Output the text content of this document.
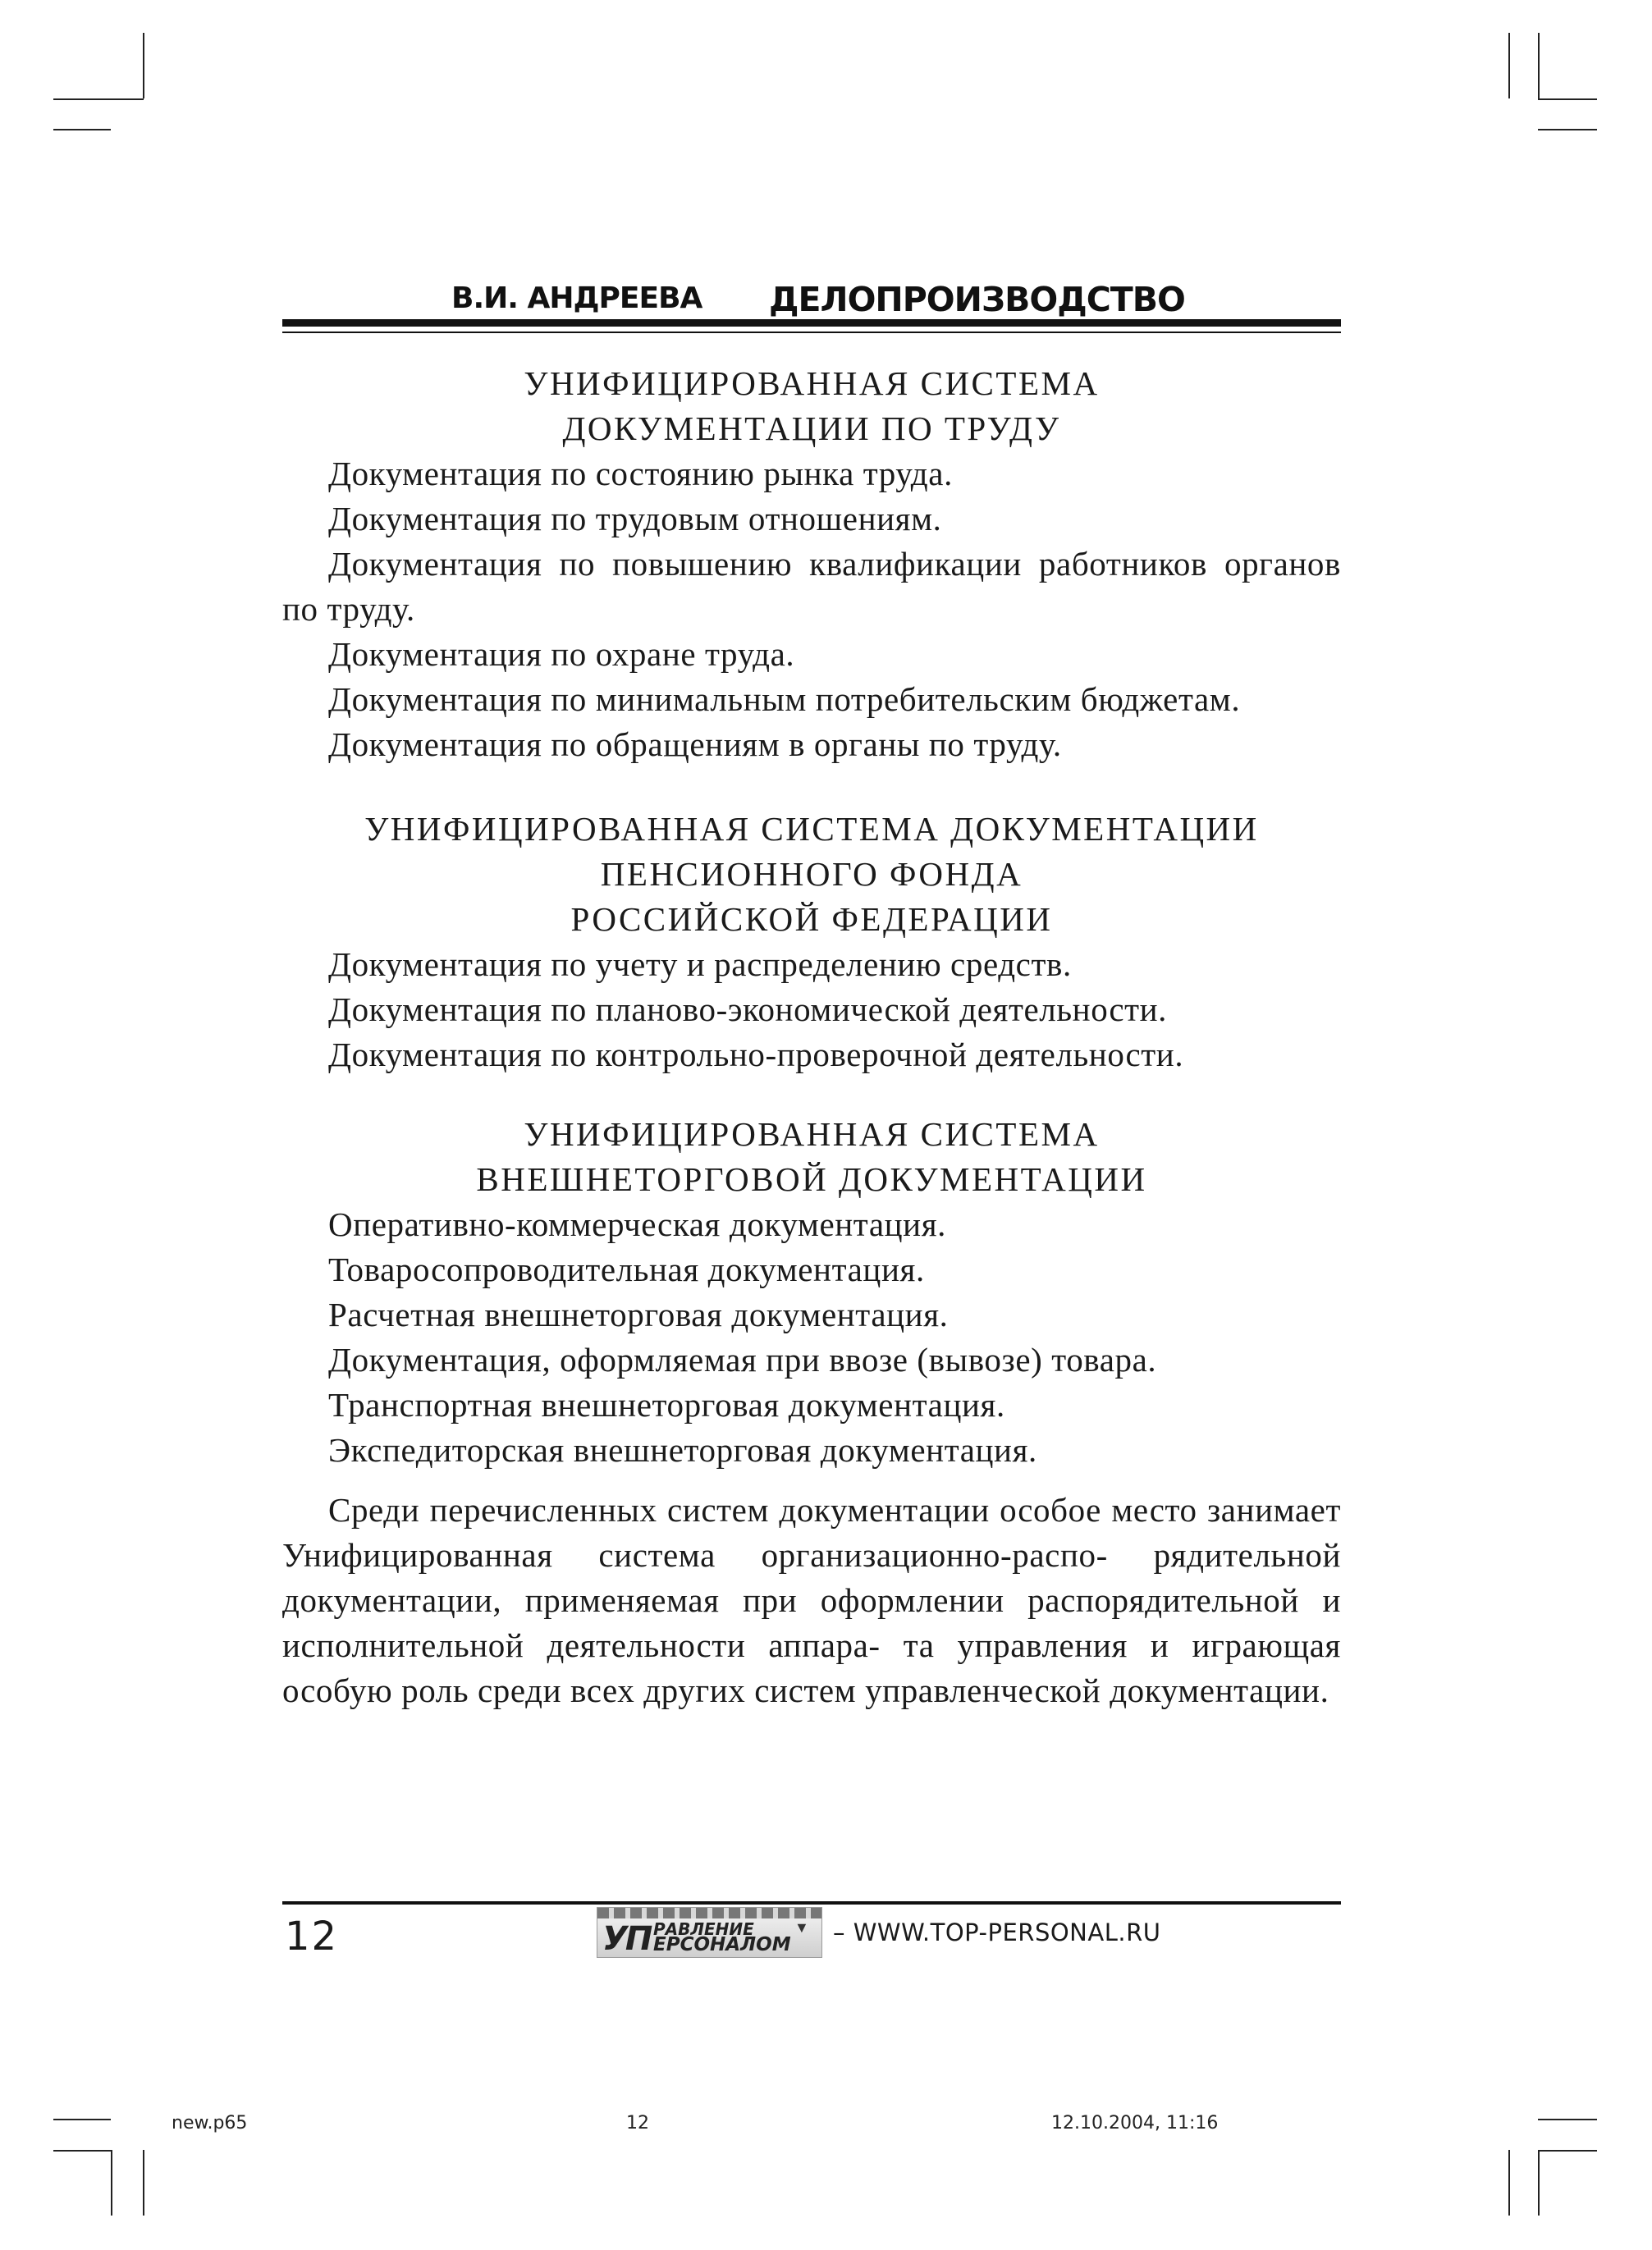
В.И. АНДРЕЕВА ДЕЛОПРОИЗВОДСТВО

УНИФИЦИРОВАННАЯ СИСТЕМА

ДОКУМЕНТАЦИИ ПО ТРУДУ

Документация по состоянию рынка труда.

Документация по трудовым отношениям.

Документация по повышению квалификации работников органов по труду.

Документация по охране труда.

Документация по минимальным потребительским бюджетам.

Документация по обращениям в органы по труду.

УНИФИЦИРОВАННАЯ СИСТЕМА ДОКУМЕНТАЦИИ

ПЕНСИОННОГО ФОНДА

РОССИЙСКОЙ ФЕДЕРАЦИИ

Документация по учету и распределению средств.

Документация по планово-экономической деятельности.

Документация по контрольно-проверочной деятельности.

УНИФИЦИРОВАННАЯ СИСТЕМА

ВНЕШНЕТОРГОВОЙ ДОКУМЕНТАЦИИ

Оперативно-коммерческая документация.

Товаросопроводительная документация.

Расчетная внешнеторговая документация.

Документация, оформляемая при ввозе (вывозе) товара.

Транспортная внешнеторговая документация.

Экспедиторская внешнеторговая документация.

Среди перечисленных систем документации особое место занимает Унифицированная система организационно-распо- рядительной документации, применяемая при оформлении распорядительной и исполнительной деятельности аппара- та управления и играющая особую роль среди всех других систем управленческой документации.

12	УП РАВЛЕНИЕ
ЕРСОНАЛОМ
▼ – WWW.TOP-PERSONAL.RU
new.p65	12	12.10.2004, 11:16
